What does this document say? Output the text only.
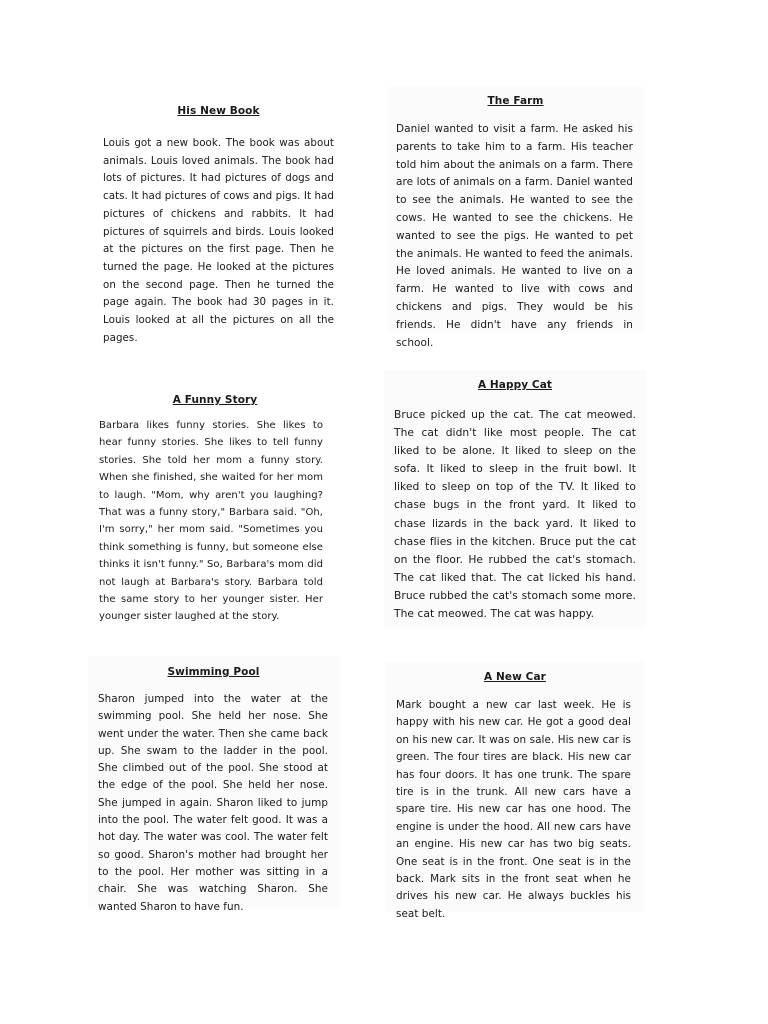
His New Book

Louis got a new book. The book was about animals. Louis loved animals. The book had lots of pictures. It had pictures of dogs and cats. It had pictures of cows and pigs. It had pictures of chickens and rabbits. It had pictures of squirrels and birds. Louis looked at the pictures on the first page. Then he turned the page. He looked at the pictures on the second page. Then he turned the page again. The book had 30 pages in it. Louis looked at all the pictures on all the pages.

The Farm

Daniel wanted to visit a farm. He asked his parents to take him to a farm. His teacher told him about the animals on a farm. There are lots of animals on a farm. Daniel wanted to see the animals. He wanted to see the cows. He wanted to see the chickens. He wanted to see the pigs. He wanted to pet the animals. He wanted to feed the animals. He loved animals. He wanted to live on a farm. He wanted to live with cows and chickens and pigs. They would be his friends. He didn't have any friends in school.

A Funny Story

Barbara likes funny stories. She likes to hear funny stories. She likes to tell funny stories. She told her mom a funny story. When she finished, she waited for her mom to laugh. "Mom, why aren't you laughing? That was a funny story," Barbara said. "Oh, I'm sorry," her mom said. "Sometimes you think something is funny, but someone else thinks it isn't funny." So, Barbara's mom did not laugh at Barbara's story. Barbara told the same story to her younger sister. Her younger sister laughed at the story.

A Happy Cat

Bruce picked up the cat. The cat meowed. The cat didn't like most people. The cat liked to be alone. It liked to sleep on the sofa. It liked to sleep in the fruit bowl. It liked to sleep on top of the TV. It liked to chase bugs in the front yard. It liked to chase lizards in the back yard. It liked to chase flies in the kitchen. Bruce put the cat on the floor. He rubbed the cat's stomach. The cat liked that. The cat licked his hand. Bruce rubbed the cat's stomach some more. The cat meowed. The cat was happy.

Swimming Pool

Sharon jumped into the water at the swimming pool. She held her nose. She went under the water. Then she came back up. She swam to the ladder in the pool. She climbed out of the pool. She stood at the edge of the pool. She held her nose. She jumped in again. Sharon liked to jump into the pool. The water felt good. It was a hot day. The water was cool. The water felt so good. Sharon's mother had brought her to the pool. Her mother was sitting in a chair. She was watching Sharon. She wanted Sharon to have fun.

A New Car

Mark bought a new car last week. He is happy with his new car. He got a good deal on his new car. It was on sale. His new car is green. The four tires are black. His new car has four doors. It has one trunk. The spare tire is in the trunk. All new cars have a spare tire. His new car has one hood. The engine is under the hood. All new cars have an engine. His new car has two big seats. One seat is in the front. One seat is in the back. Mark sits in the front seat when he drives his new car. He always buckles his seat belt.
